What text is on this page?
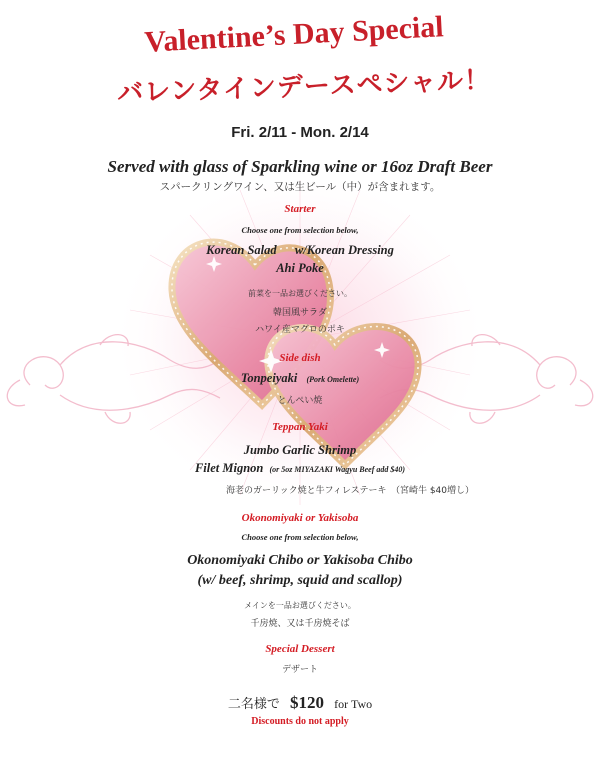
Valentine’s Day Special
バレンタインデースペシャル！
Fri. 2/11 - Mon. 2/14
Served with glass of Sparkling wine or 16oz Draft Beer
スパークリングワイン、又は生ビール（中）が含まれます。
Starter
Choose one from selection below,
Korean Salad w/Korean Dressing
Ahi Poke
前菜を一品お選びください。
韓国風サラダ
ハワイ産マグロのポキ
Side dish
Tonpeiyaki (Pork Omelette)
とんぺい焼
Teppan Yaki
Jumbo Garlic Shrimp
Filet Mignon (or 5oz MIYAZAKI Wagyu Beef add $40)
海老のガーリック焼と牛フィレステーキ　（宮崎牛 $40増し）
Okonomiyaki or Yakisoba
Choose one from selection below,
Okonomiyaki Chibo or Yakisoba Chibo
(w/ beef, shrimp, squid and scallop)
メインを一品お選びください。
千房焼、又は千房焼そば
Special Dessert
デザート
二名様で $120 for Two
Discounts do not apply
